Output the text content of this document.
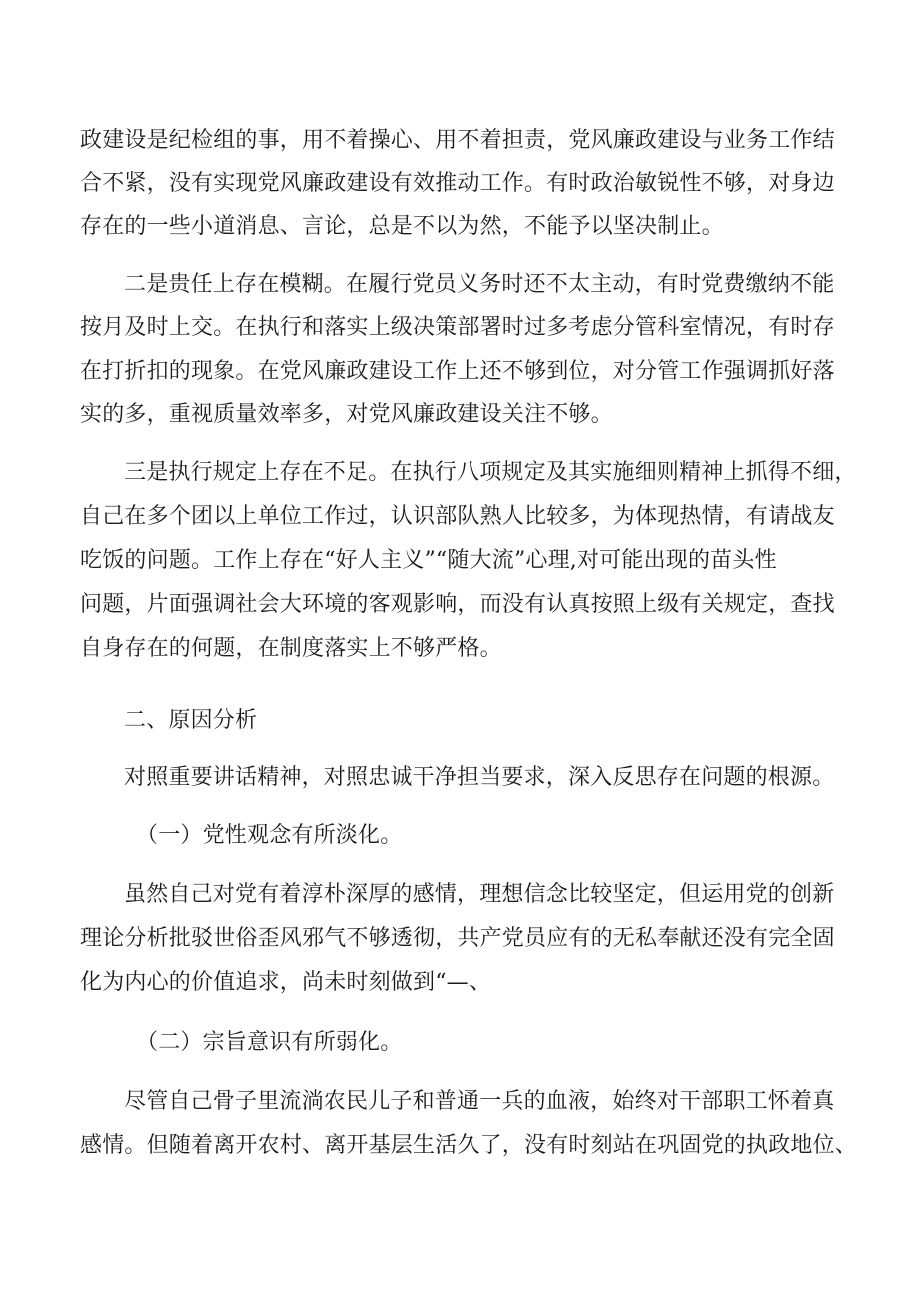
政建设是纪检组的事，用不着操心、用不着担责，党风廉政建设与业务工作结
合不紧，没有实现党风廉政建设有效推动工作。有时政治敏锐性不够，对身边
存在的一些小道消息、言论，总是不以为然，不能予以坚决制止。
二是贵任上存在模糊。在履行党员义务时还不太主动，有时党费缴纳不能
按月及时上交。在执行和落实上级决策部署时过多考虑分管科室情况，有时存
在打折扣的现象。在党风廉政建设工作上还不够到位，对分管工作强调抓好落
实的多，重视质量效率多，对党风廉政建设关注不够。
三是执行规定上存在不足。在执行八项规定及其实施细则精神上抓得不细，
自己在多个团以上单位工作过，认识部队熟人比较多，为体现热情，有请战友
吃饭的问题。工作上存在“好人主义”“随大流”心理,对可能出现的苗头性
问题，片面强调社会大环境的客观影响，而没有认真按照上级有关规定，查找
自身存在的何题，在制度落实上不够严格。
二、原因分析
对照重要讲话精神，对照忠诚干净担当要求，深入反思存在问题的根源。
（一）党性观念有所淡化。
虽然自己对党有着淳朴深厚的感情，理想信念比较坚定，但运用党的创新
理论分析批驳世俗歪风邪气不够透彻，共产党员应有的无私奉献还没有完全固
化为内心的价值追求，尚未时刻做到“—、
（二）宗旨意识有所弱化。
尽管自己骨子里流淌农民儿子和普通一兵的血液，始终对干部职工怀着真
感情。但随着离开农村、离开基层生活久了，没有时刻站在巩固党的执政地位、
